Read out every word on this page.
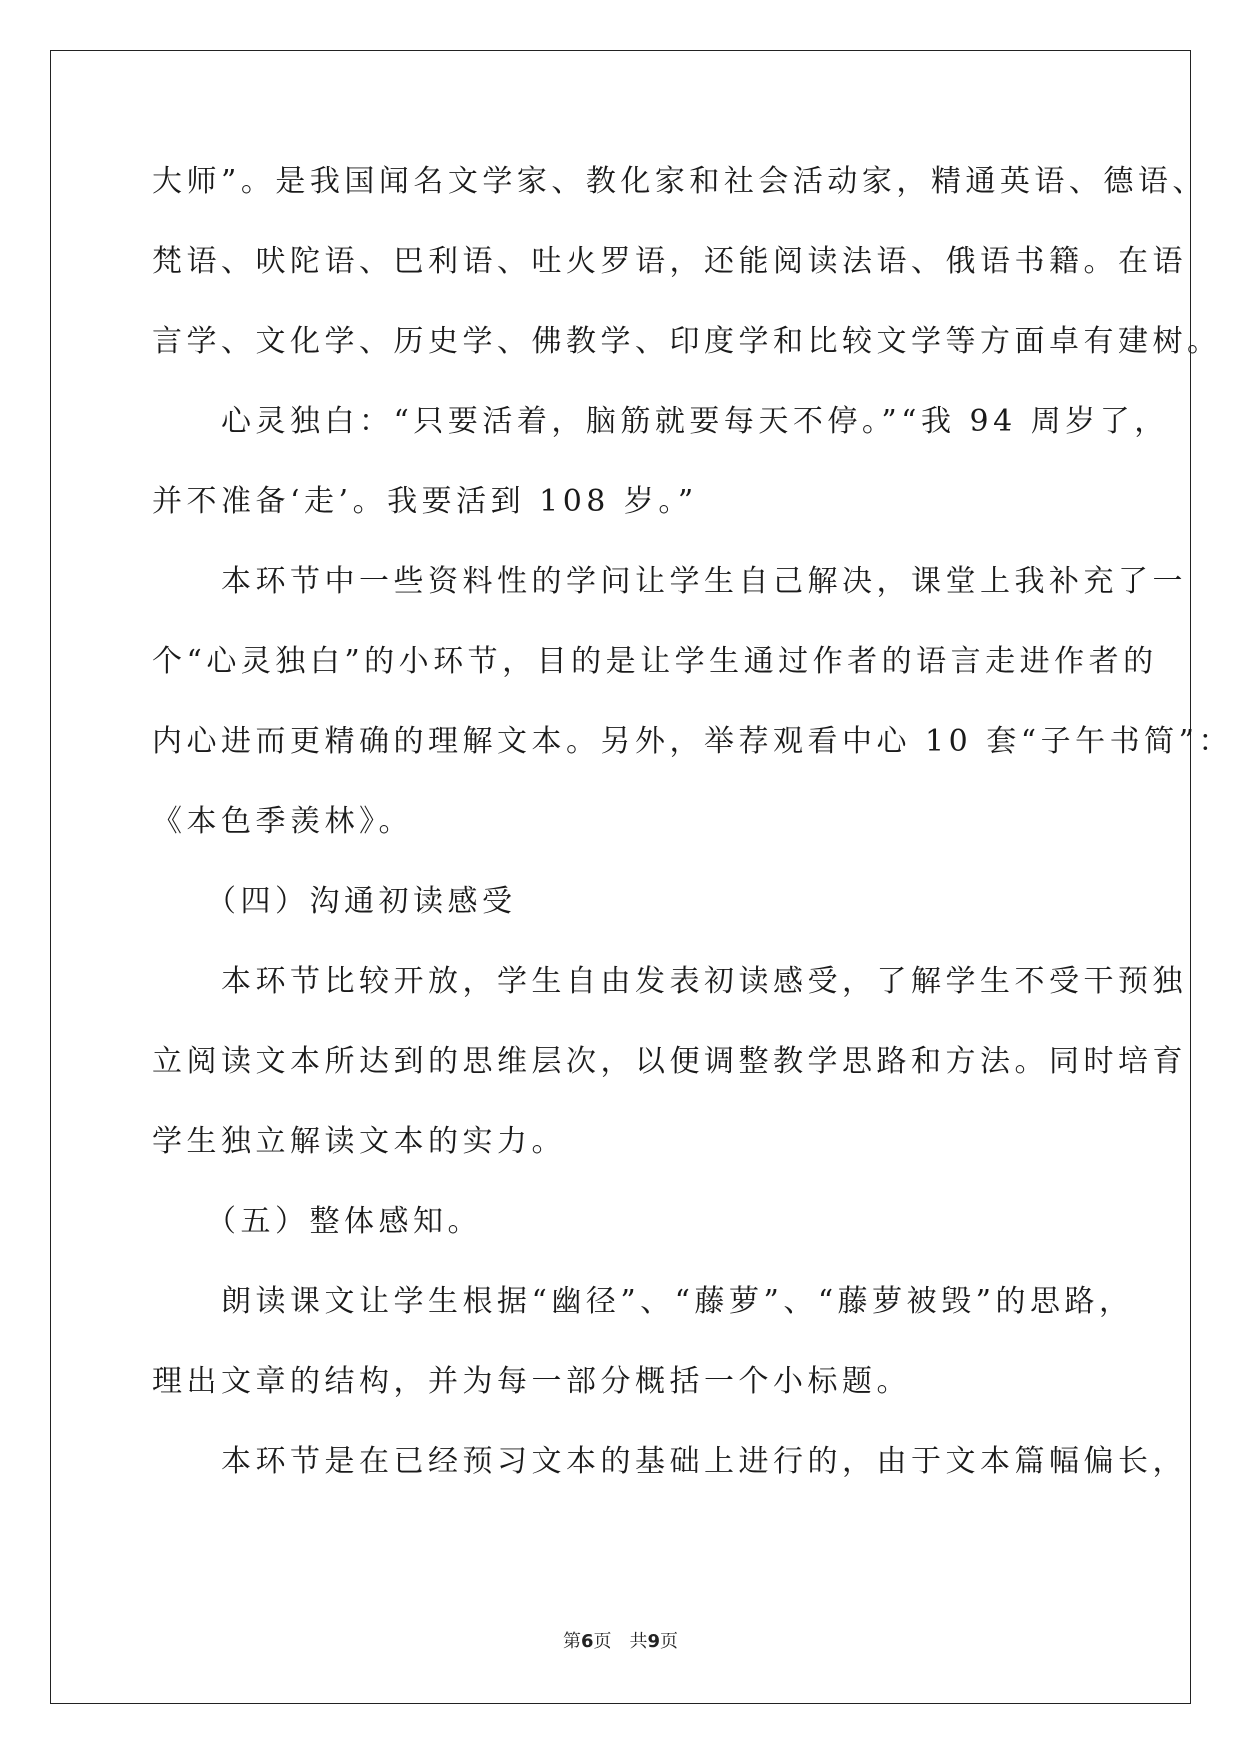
大师”。是我国闻名文学家、教化家和社会活动家，精通英语、德语、
梵语、吠陀语、巴利语、吐火罗语，还能阅读法语、俄语书籍。在语
言学、文化学、历史学、佛教学、印度学和比较文学等方面卓有建树。
　　心灵独白：“只要活着，脑筋就要每天不停。”“我 94 周岁了，
并不准备‘走’。我要活到 108 岁。”
　　本环节中一些资料性的学问让学生自己解决，课堂上我补充了一
个“心灵独白”的小环节，目的是让学生通过作者的语言走进作者的
内心进而更精确的理解文本。另外，举荐观看中心 10 套“子午书简”：
《本色季羡林》。
　　（四）沟通初读感受
　　本环节比较开放，学生自由发表初读感受，了解学生不受干预独
立阅读文本所达到的思维层次，以便调整教学思路和方法。同时培育
学生独立解读文本的实力。
　　（五）整体感知。
　　朗读课文让学生根据“幽径”、“藤萝”、“藤萝被毁”的思路，
理出文章的结构，并为每一部分概括一个小标题。
　　本环节是在已经预习文本的基础上进行的，由于文本篇幅偏长，
第6页　共9页
